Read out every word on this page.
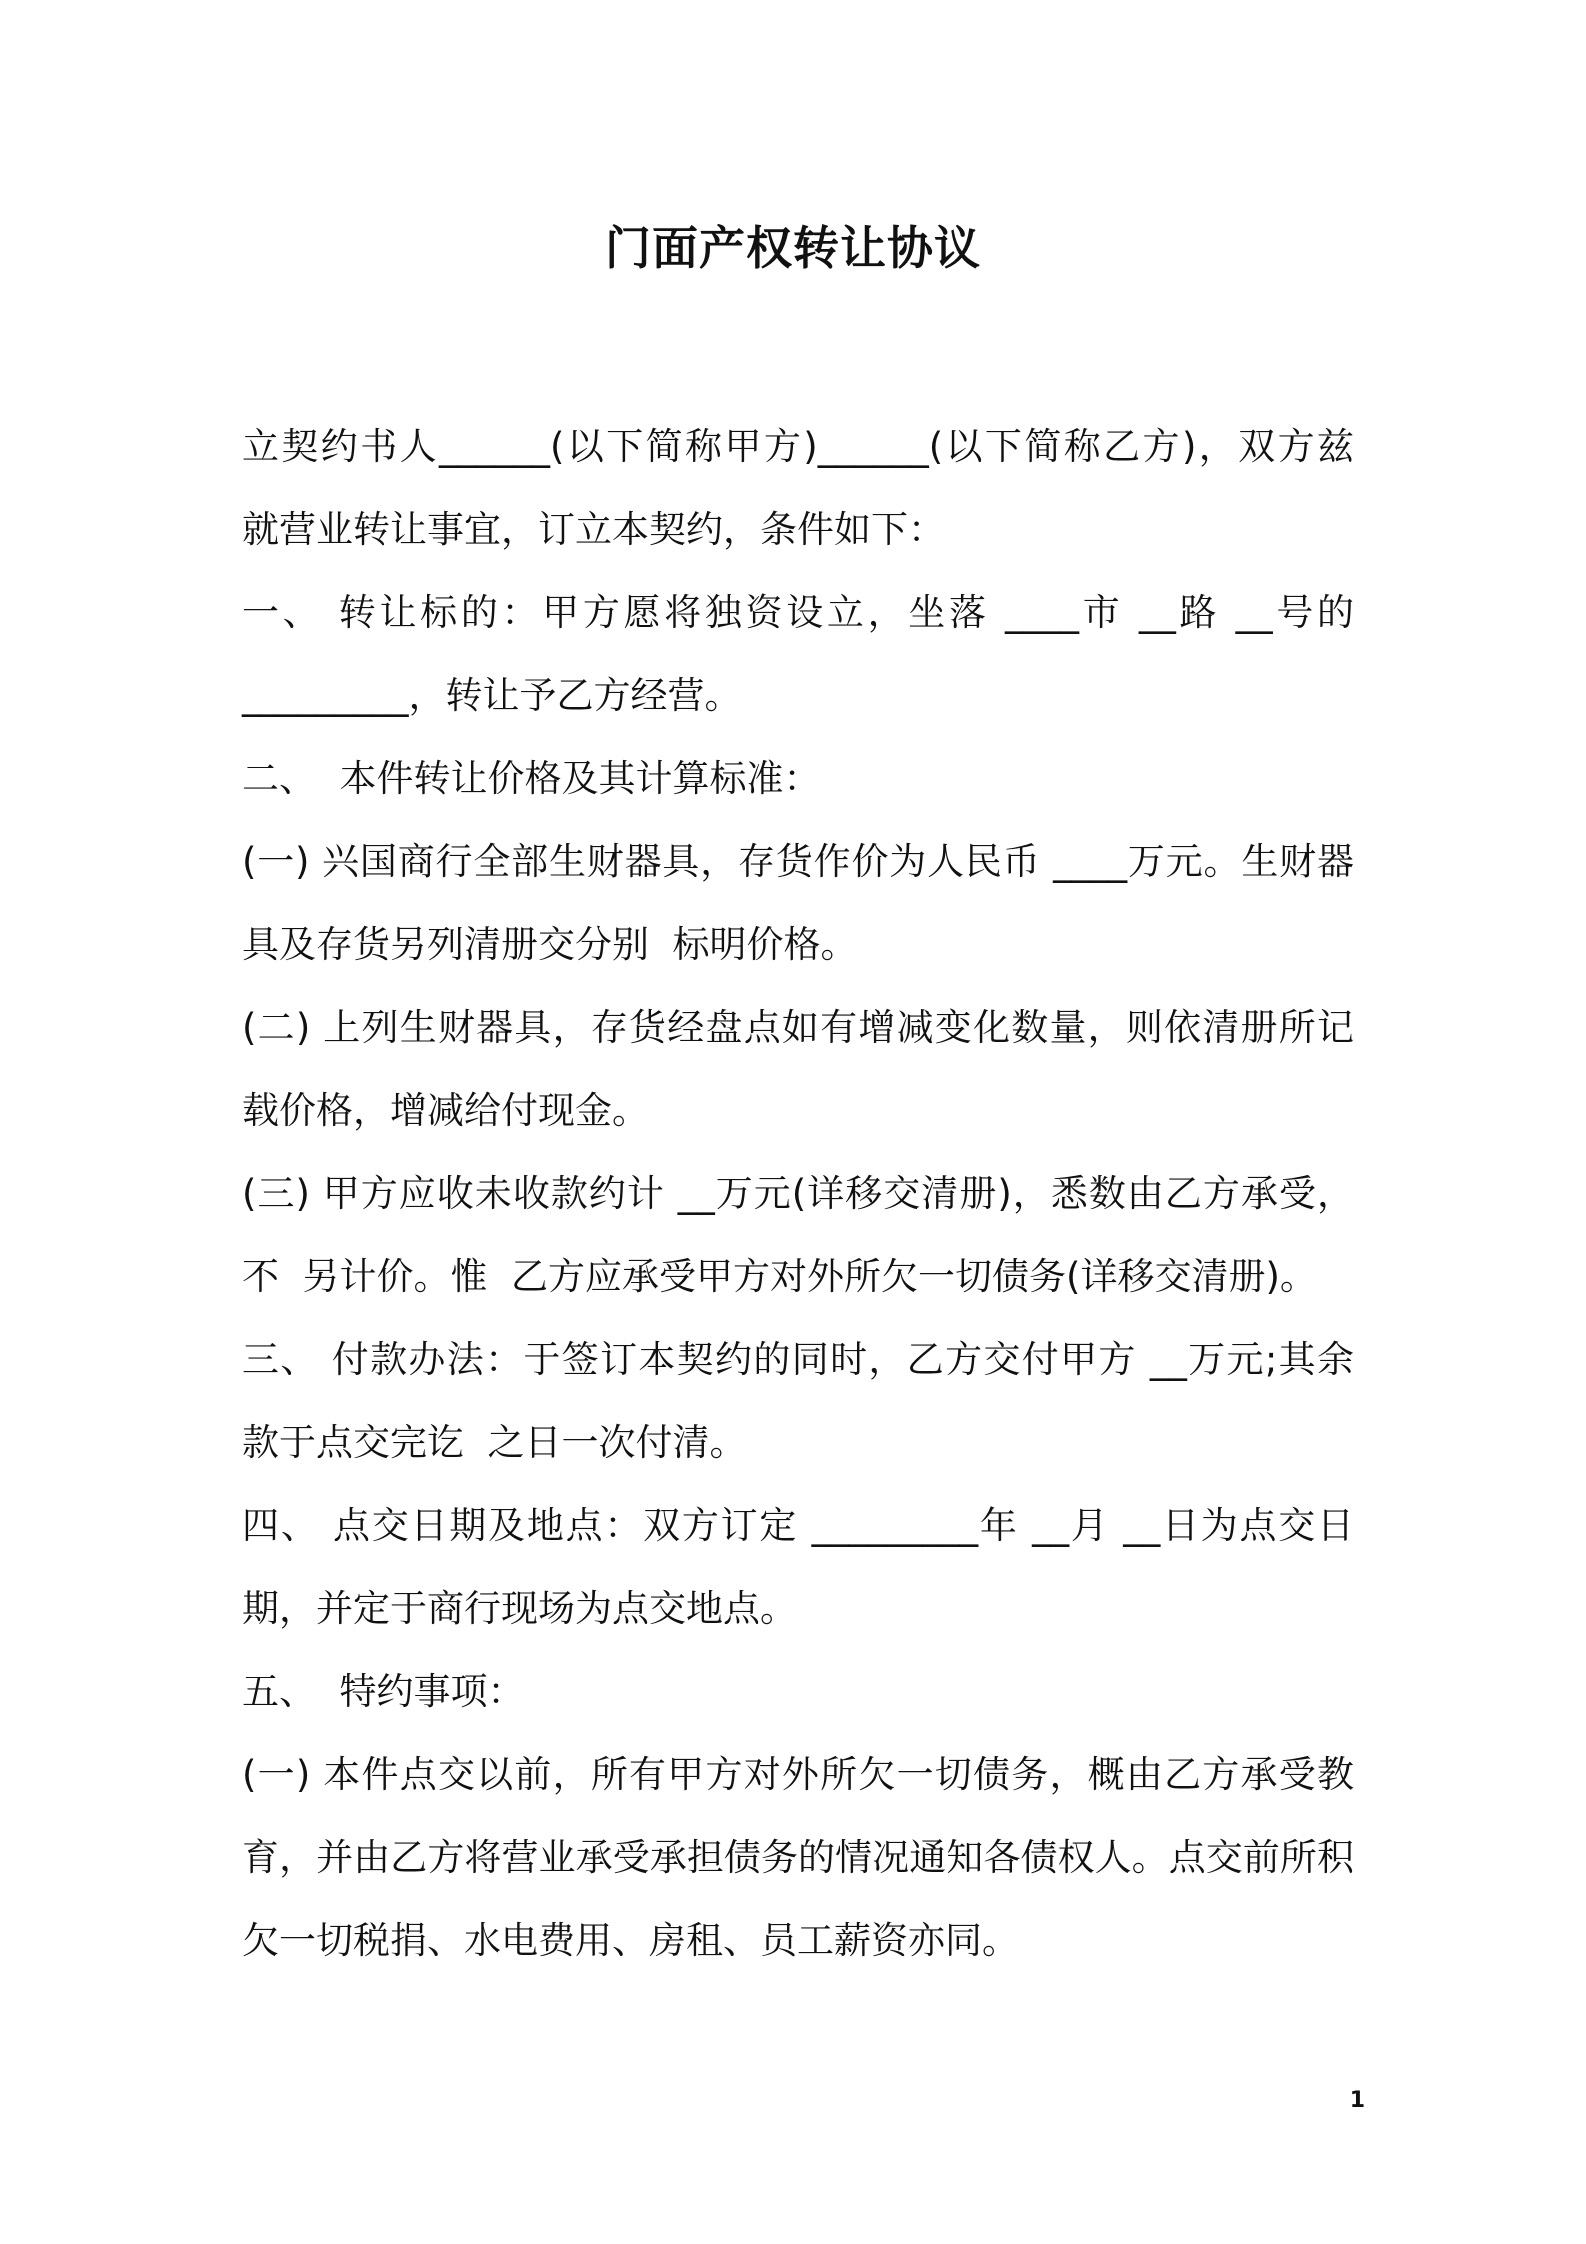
门面产权转让协议

立契约书人______(以下简称甲方)______(以下简称乙方)，双方兹

就营业转让事宜，订立本契约，条件如下：

一、 转让标的：甲方愿将独资设立，坐落 ____市 __路 __号的

_________，转让予乙方经营。

二、  本件转让价格及其计算标准：

(一) 兴国商行全部生财器具，存货作价为人民币 ____万元。生财器

具及存货另列清册交分别  标明价格。

(二) 上列生财器具，存货经盘点如有增减变化数量，则依清册所记

载价格，增减给付现金。

(三) 甲方应收未收款约计 __万元(详移交清册)，悉数由乙方承受，

不  另计价。惟  乙方应承受甲方对外所欠一切债务(详移交清册)。

三、 付款办法：于签订本契约的同时，乙方交付甲方 __万元;其余

款于点交完讫  之日一次付清。

四、 点交日期及地点：双方订定 _________年 __月 __日为点交日

期，并定于商行现场为点交地点。

五、  特约事项：

(一) 本件点交以前，所有甲方对外所欠一切债务，概由乙方承受教

育，并由乙方将营业承受承担债务的情况通知各债权人。点交前所积

欠一切税捐、水电费用、房租、员工薪资亦同。

1
